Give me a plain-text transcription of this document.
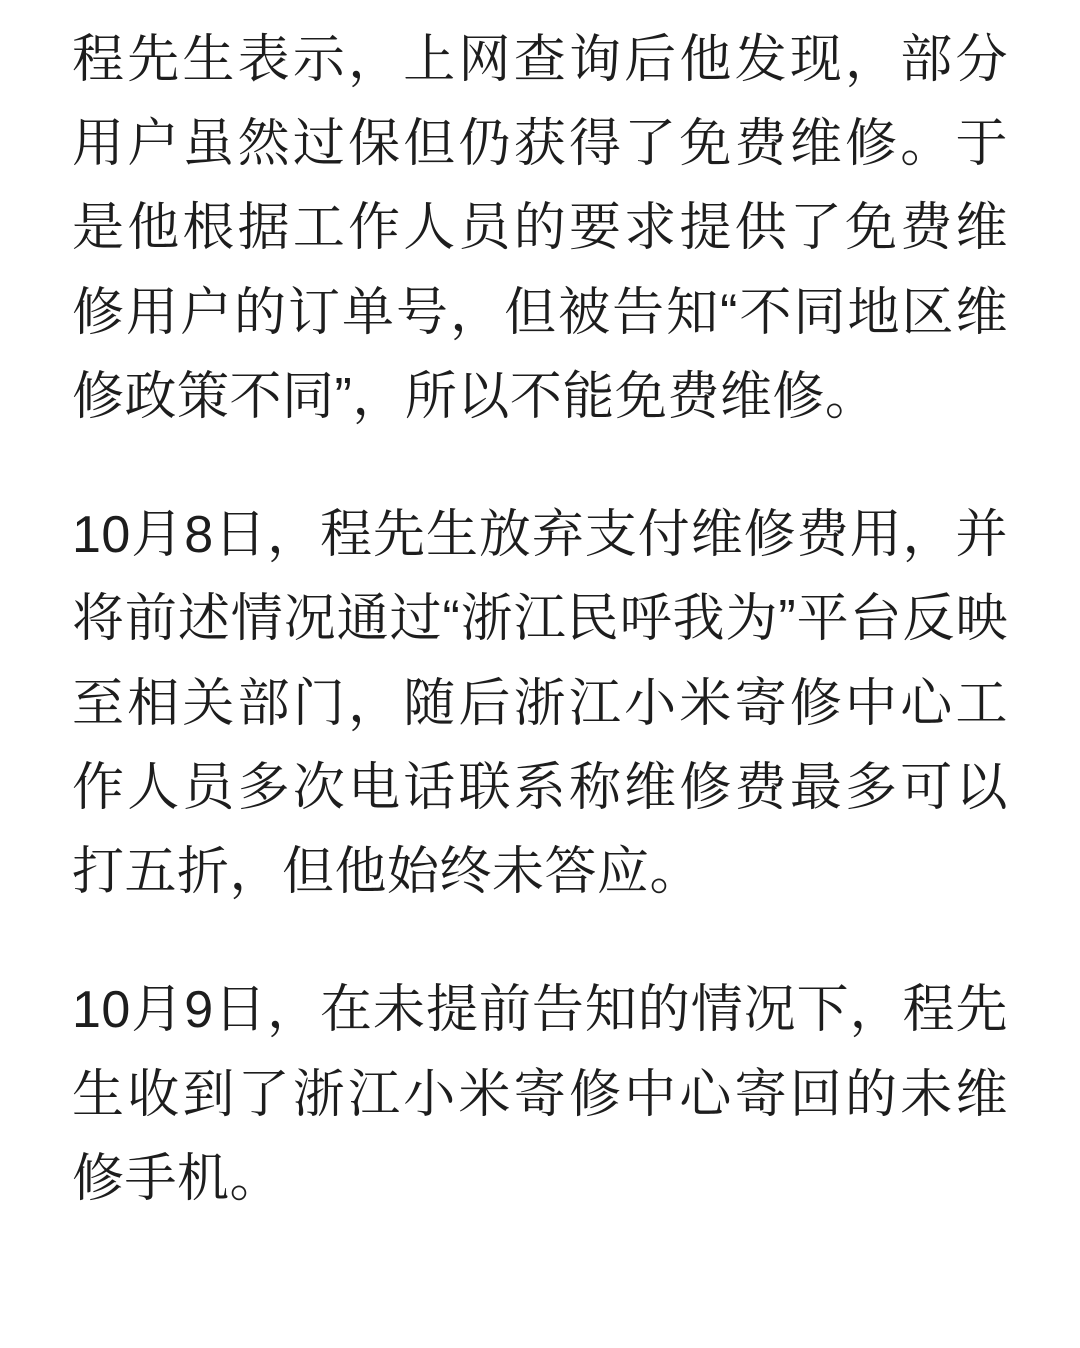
程先生表示，上网查询后他发现，部分用户虽然过保但仍获得了免费维修。于是他根据工作人员的要求提供了免费维修用户的订单号，但被告知“不同地区维修政策不同”，所以不能免费维修。

10月8日，程先生放弃支付维修费用，并将前述情况通过“浙江民呼我为”平台反映至相关部门，随后浙江小米寄修中心工作人员多次电话联系称维修费最多可以打五折，但他始终未答应。

10月9日，在未提前告知的情况下，程先生收到了浙江小米寄修中心寄回的未维修手机。
